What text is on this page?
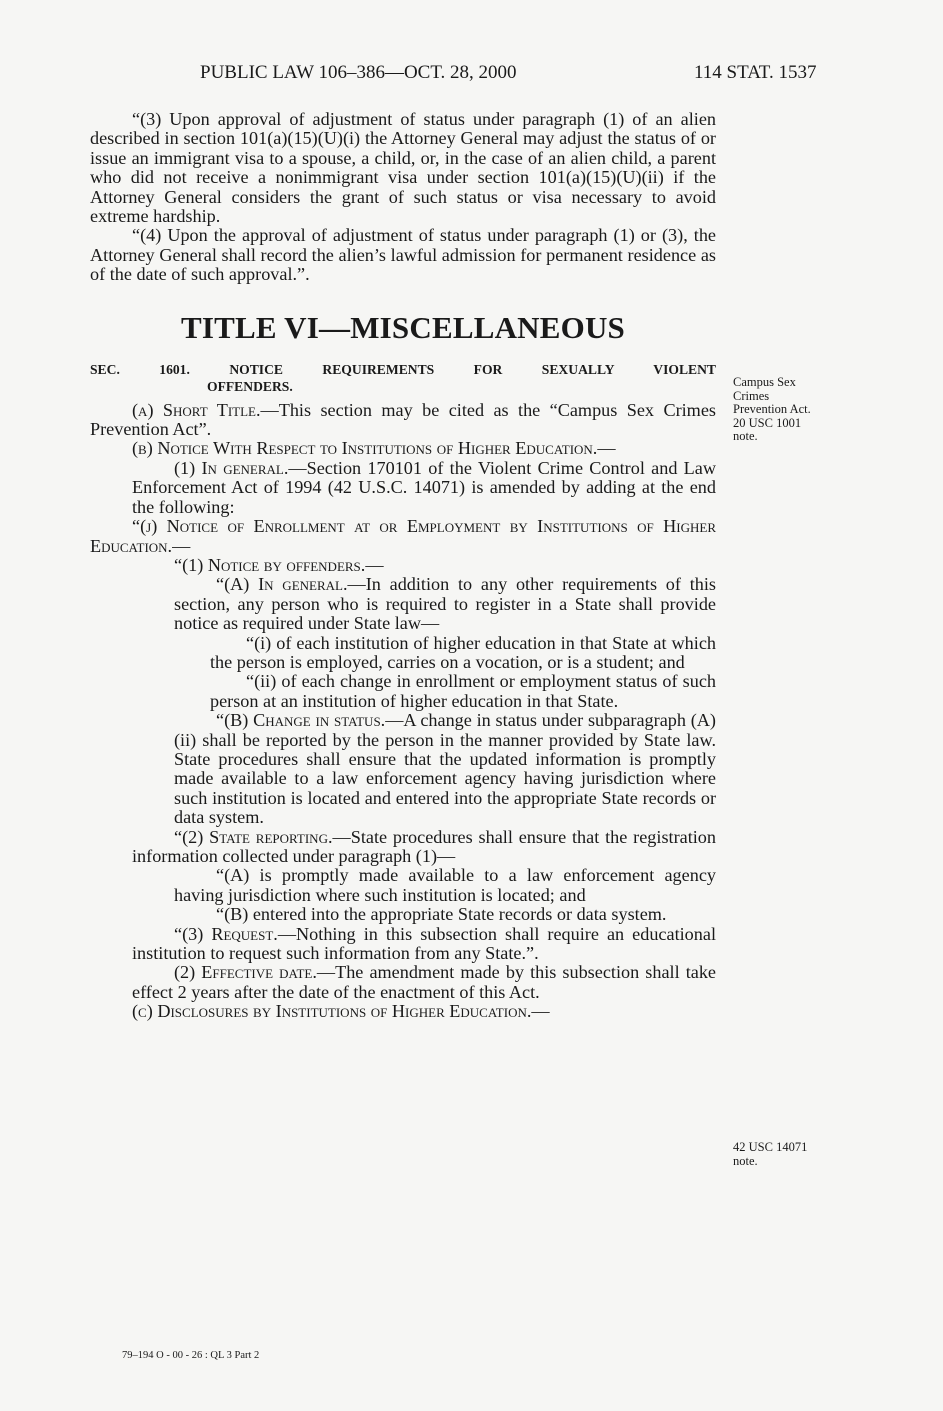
PUBLIC LAW 106–386—OCT. 28, 2000	114 STAT. 1537

“(3) Upon approval of adjustment of status under paragraph (1) of an alien described in section 101(a)(15)(U)(i) the Attorney General may adjust the status of or issue an immigrant visa to a spouse, a child, or, in the case of an alien child, a parent who did not receive a nonimmigrant visa under section 101(a)(15)(U)(ii) if the Attorney General considers the grant of such status or visa necessary to avoid extreme hardship.

“(4) Upon the approval of adjustment of status under paragraph (1) or (3), the Attorney General shall record the alien’s lawful admission for permanent residence as of the date of such approval.”.

TITLE VI—MISCELLANEOUS

SEC. 1601. NOTICE REQUIREMENTS FOR SEXUALLY VIOLENT

OFFENDERS.

(a) Short Title.—This section may be cited as the “Campus Sex Crimes Prevention Act”.

(b) Notice With Respect to Institutions of Higher Education.—

(1) In general.—Section 170101 of the Violent Crime Control and Law Enforcement Act of 1994 (42 U.S.C. 14071) is amended by adding at the end the following:

“(j) Notice of Enrollment at or Employment by Institutions of Higher Education.—

“(1) Notice by offenders.—

“(A) In general.—In addition to any other requirements of this section, any person who is required to register in a State shall provide notice as required under State law—

“(i) of each institution of higher education in that State at which the person is employed, carries on a vocation, or is a student; and

“(ii) of each change in enrollment or employment status of such person at an institution of higher education in that State.

“(B) Change in status.—A change in status under subparagraph (A)(ii) shall be reported by the person in the manner provided by State law. State procedures shall ensure that the updated information is promptly made available to a law enforcement agency having jurisdiction where such institution is located and entered into the appropriate State records or data system.

“(2) State reporting.—State procedures shall ensure that the registration information collected under paragraph (1)—

“(A) is promptly made available to a law enforcement agency having jurisdiction where such institution is located; and

“(B) entered into the appropriate State records or data system.

“(3) Request.—Nothing in this subsection shall require an educational institution to request such information from any State.”.

(2) Effective date.—The amendment made by this subsection shall take effect 2 years after the date of the enactment of this Act.

(c) Disclosures by Institutions of Higher Education.—

Campus Sex
Crimes
Prevention Act.
20 USC 1001
note.
42 USC 14071
note.
79–194 O - 00 - 26 : QL 3 Part 2
